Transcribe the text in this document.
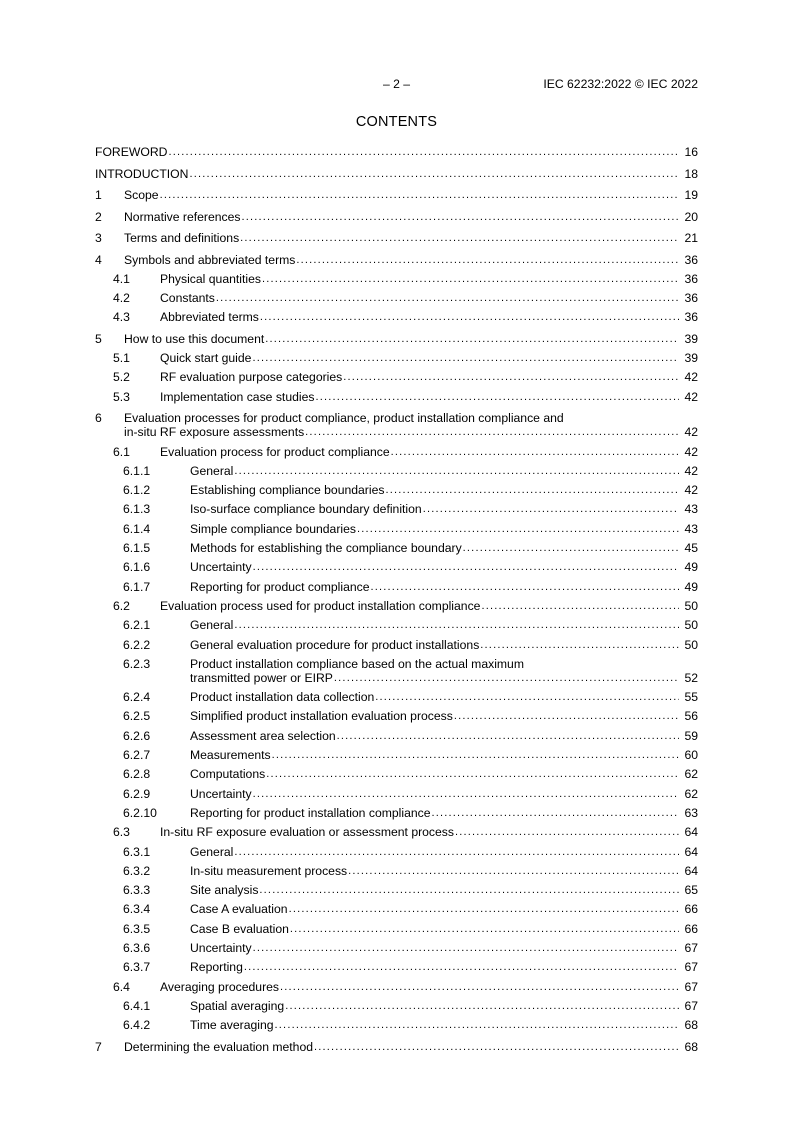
– 2 –	IEC 62232:2022 © IEC 2022
CONTENTS
FOREWORD .....	16
INTRODUCTION .....	18
1 Scope .....	19
2 Normative references .....	20
3 Terms and definitions .....	21
4 Symbols and abbreviated terms .....	36
4.1 Physical quantities .....	36
4.2 Constants .....	36
4.3 Abbreviated terms .....	36
5 How to use this document .....	39
5.1 Quick start guide .....	39
5.2 RF evaluation purpose categories .....	42
5.3 Implementation case studies .....	42
6 Evaluation processes for product compliance, product installation compliance and
in-situ RF exposure assessments .....	42
6.1 Evaluation process for product compliance .....	42
6.1.1	General .....	42
6.1.2	Establishing compliance boundaries .....	42
6.1.3	Iso-surface compliance boundary definition .....	43
6.1.4	Simple compliance boundaries .....	43
6.1.5	Methods for establishing the compliance boundary .....	45
6.1.6	Uncertainty .....	49
6.1.7	Reporting for product compliance .....	49
6.2 Evaluation process used for product installation compliance .....	50
6.2.1	General .....	50
6.2.2	General evaluation procedure for product installations .....	50
6.2.3	Product installation compliance based on the actual maximum
transmitted power or EIRP .....	52
6.2.4	Product installation data collection .....	55
6.2.5	Simplified product installation evaluation process .....	56
6.2.6	Assessment area selection .....	59
6.2.7	Measurements .....	60
6.2.8	Computations .....	62
6.2.9	Uncertainty .....	62
6.2.10	Reporting for product installation compliance .....	63
6.3 In-situ RF exposure evaluation or assessment process .....	64
6.3.1	General .....	64
6.3.2	In-situ measurement process .....	64
6.3.3	Site analysis .....	65
6.3.4	Case A evaluation .....	66
6.3.5	Case B evaluation .....	66
6.3.6	Uncertainty .....	67
6.3.7	Reporting .....	67
6.4 Averaging procedures .....	67
6.4.1	Spatial averaging .....	67
6.4.2	Time averaging .....	68
7 Determining the evaluation method .....	68
